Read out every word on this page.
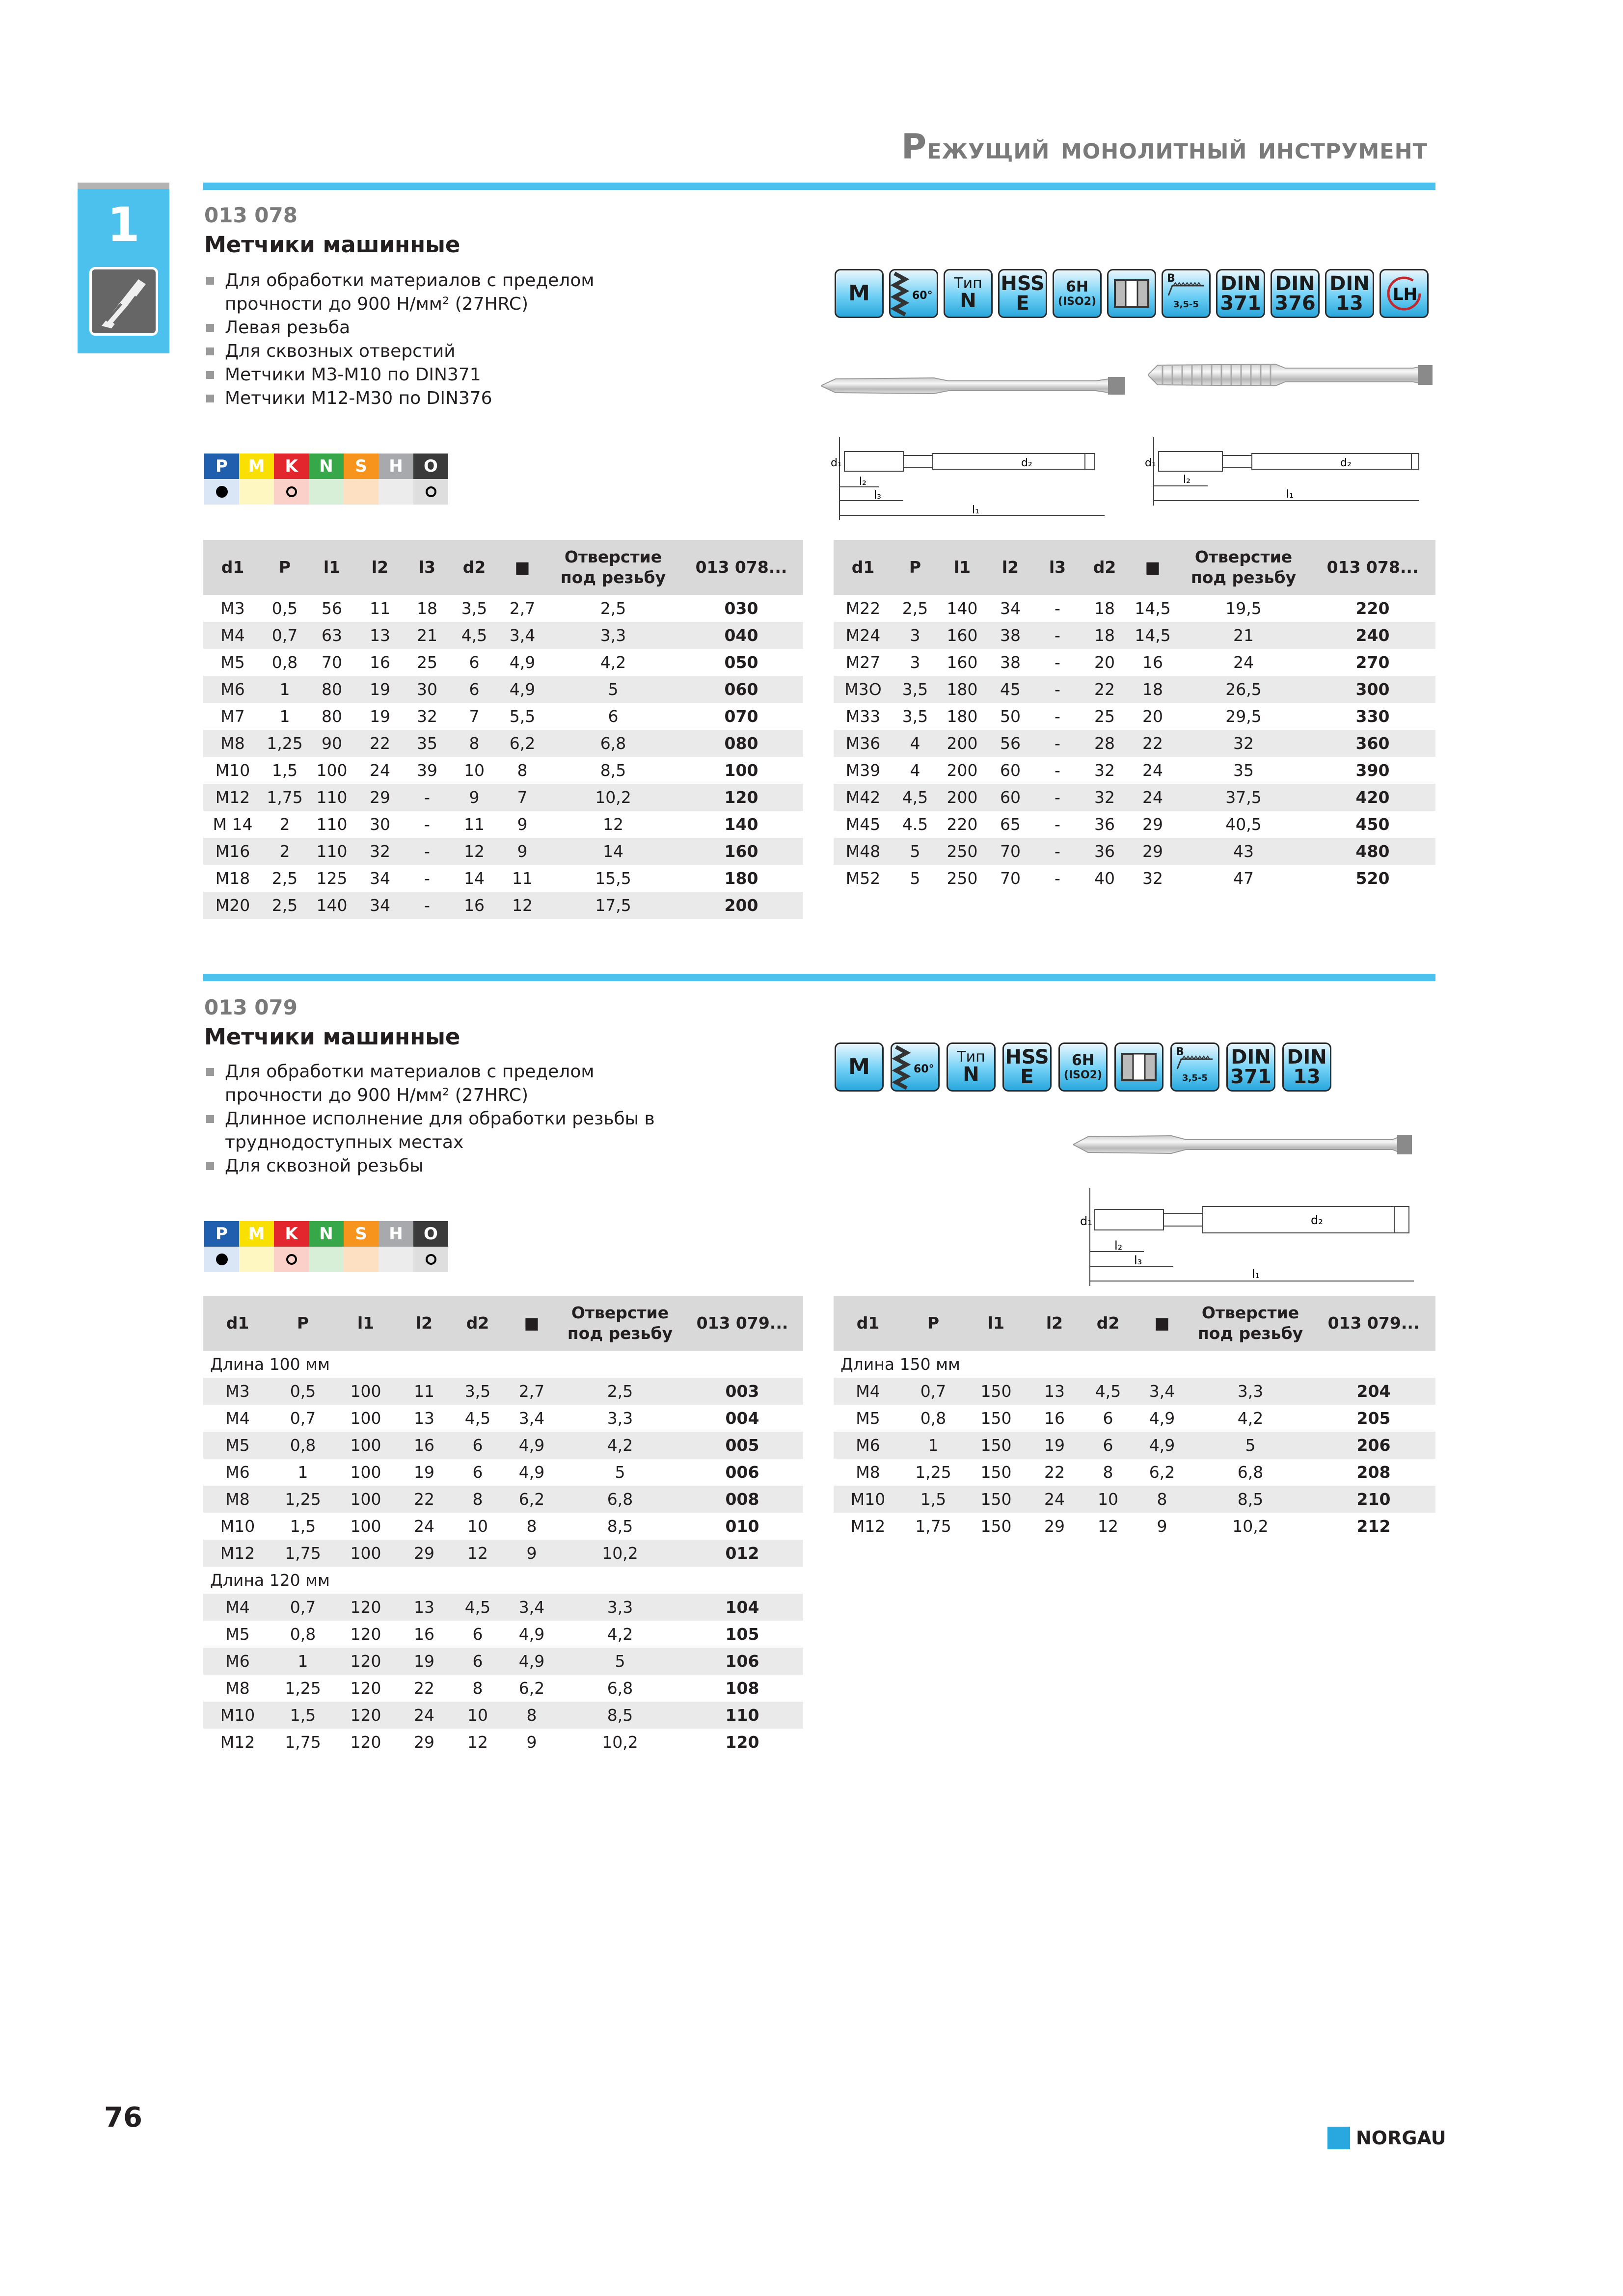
Режущий монолитный инструмент
1	013 078
Метчики машинные
Для обработки материалов с пределом
прочности до 900 Н/мм² (27HRC)
Левая резьба
Для сквозных отверстий
Метчики M3-M10 по DIN371
Метчики M12-M30 по DIN376
P	M	K	N	S	H	O
M	60°
Тип
N
HSS
E
6H
(ISO2)
B
3,5-5
DIN
371
DIN
376
DIN
13 LH
d₁	d₂
l₂
l₃
l₁
d₁	d₂
l₂
l₁
d1	P	l1	l2	l3	d2	■	Отверстие под резьбу	013 078...
M3	0,5	56	11	18	3,5	2,7	2,5	030
M4	0,7	63	13	21	4,5	3,4	3,3	040
M5	0,8	70	16	25	6	4,9	4,2	050
M6	1	80	19	30	6	4,9	5	060
M7	1	80	19	32	7	5,5	6	070
M8	1,25	90	22	35	8	6,2	6,8	080
M10	1,5	100	24	39	10	8	8,5	100
M12	1,75	110	29	-	9	7	10,2	120
M 14	2	110	30	-	11	9	12	140
M16	2	110	32	-	12	9	14	160
M18	2,5	125	34	-	14	11	15,5	180
M20	2,5	140	34	-	16	12	17,5	200
d1	P	l1	l2	l3	d2	■	Отверстие под резьбу	013 078...
M22	2,5	140	34	-	18	14,5	19,5	220
M24	3	160	38	-	18	14,5	21	240
M27	3	160	38	-	20	16	24	270
M3O	3,5	180	45	-	22	18	26,5	300
M33	3,5	180	50	-	25	20	29,5	330
M36	4	200	56	-	28	22	32	360
M39	4	200	60	-	32	24	35	390
M42	4,5	200	60	-	32	24	37,5	420
M45	4.5	220	65	-	36	29	40,5	450
M48	5	250	70	-	36	29	43	480
M52	5	250	70	-	40	32	47	520
013 079
Метчики машинные
Для обработки материалов с пределом
прочности до 900 Н/мм² (27HRC)
Длинное исполнение для обработки резьбы в
труднодоступных местах
Для сквозной резьбы
P	M	K	N	S	H	O
M	60°
Тип
N
HSS
E
6H
(ISO2)
B
3,5-5
DIN
371
DIN
13
d₁	d₂
l₂
l₃
l₁
d1	P	l1	l2	d2	■	Отверстие под резьбу	013 079...
Длина 100 мм							
M3	0,5	100	11	3,5	2,7	2,5	003
M4	0,7	100	13	4,5	3,4	3,3	004
M5	0,8	100	16	6	4,9	4,2	005
M6	1	100	19	6	4,9	5	006
M8	1,25	100	22	8	6,2	6,8	008
M10	1,5	100	24	10	8	8,5	010
M12	1,75	100	29	12	9	10,2	012
Длина 120 мм							
M4	0,7	120	13	4,5	3,4	3,3	104
M5	0,8	120	16	6	4,9	4,2	105
M6	1	120	19	6	4,9	5	106
M8	1,25	120	22	8	6,2	6,8	108
M10	1,5	120	24	10	8	8,5	110
M12	1,75	120	29	12	9	10,2	120
d1	P	l1	l2	d2	■	Отверстие под резьбу	013 079...
Длина 150 мм							
M4	0,7	150	13	4,5	3,4	3,3	204
M5	0,8	150	16	6	4,9	4,2	205
M6	1	150	19	6	4,9	5	206
M8	1,25	150	22	8	6,2	6,8	208
M10	1,5	150	24	10	8	8,5	210
M12	1,75	150	29	12	9	10,2	212
76
NORGAU
